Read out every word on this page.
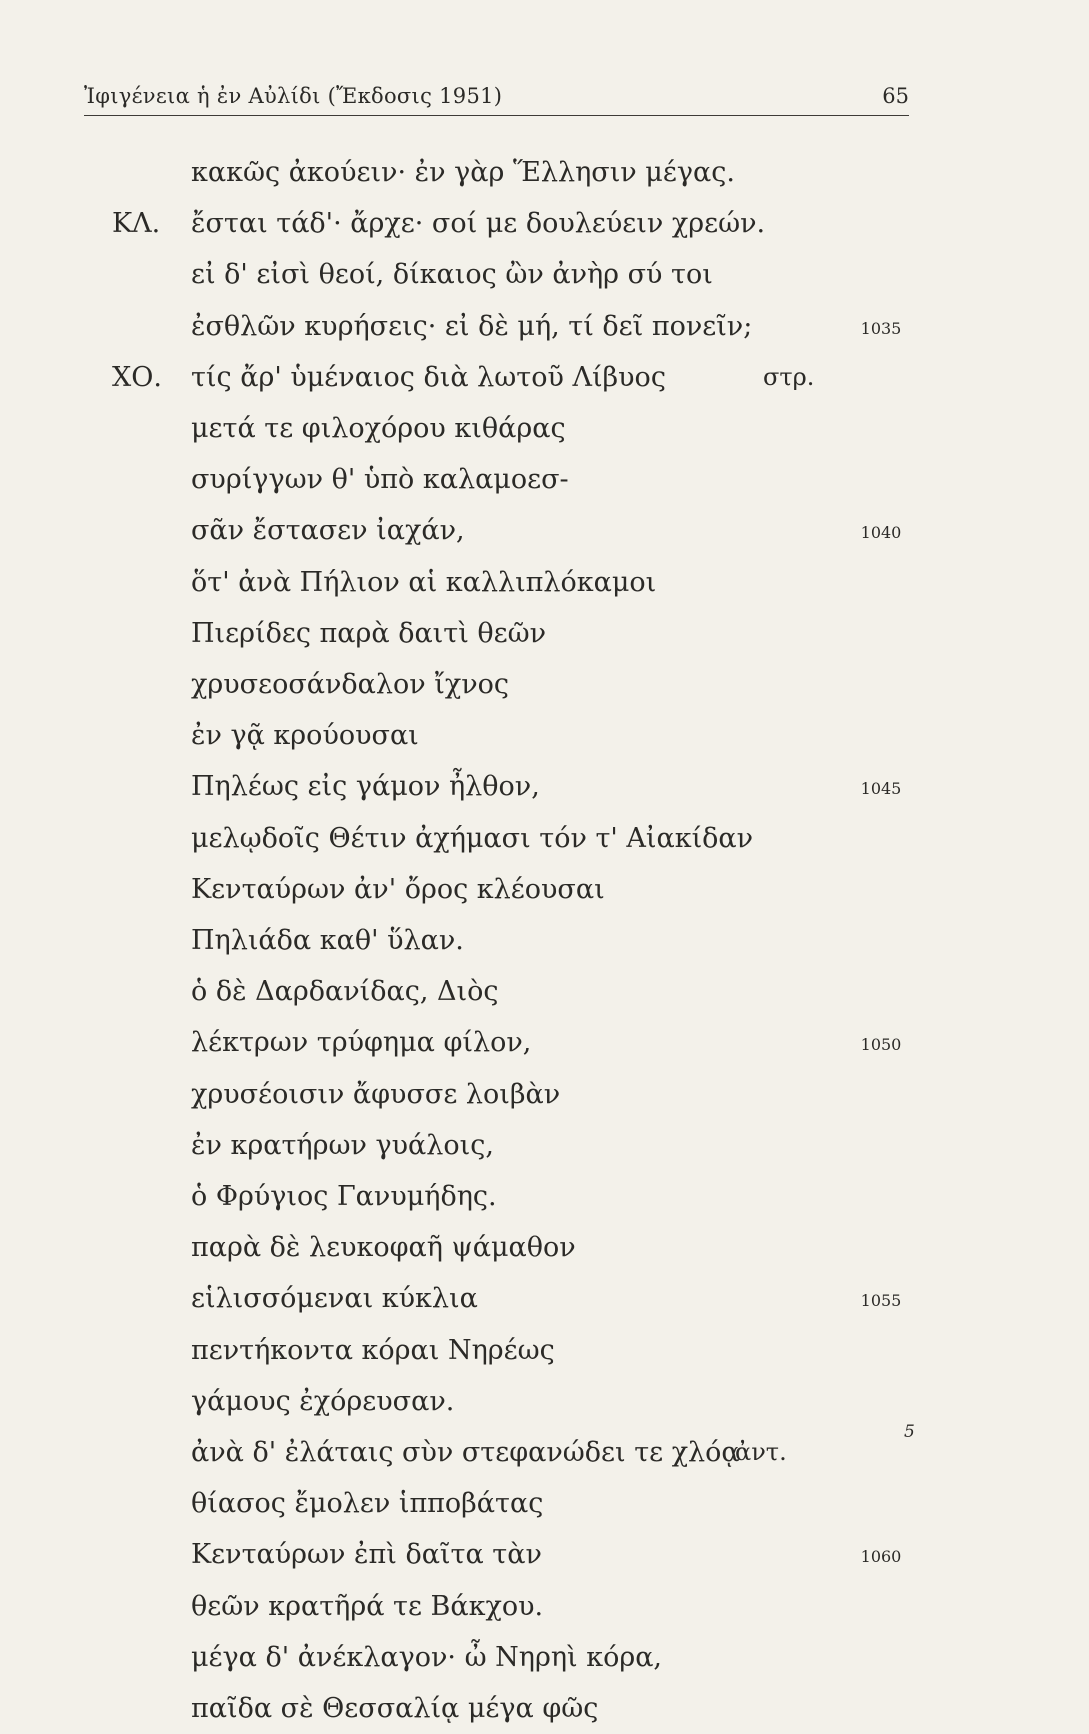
Ἰφιγένεια ἡ ἐν Αὐλίδι (Ἔκδοσις 1951)	65
κακῶς ἀκούειν· ἐν γὰρ Ἕλλησιν μέγας.
ΚΛ. ἔσται τάδ'· ἄρχε· σοί με δουλεύειν χρεών.
εἰ δ' εἰσὶ θεοί, δίκαιος ὢν ἀνὴρ σύ τοι
ἐσθλῶν κυρήσεις· εἰ δὲ μή, τί δεῖ πονεῖν;	1035
ΧΟ. τίς ἄρ' ὑμέναιος διὰ λωτοῦ Λίβυος	στρ.
μετά τε φιλοχόρου κιθάρας
συρίγγων θ' ὑπὸ καλαμοεσ-
σᾶν ἔστασεν ἰαχάν,	1040
ὅτ' ἀνὰ Πήλιον αἱ καλλιπλόκαμοι
Πιερίδες παρὰ δαιτὶ θεῶν
χρυσεοσάνδαλον ἴχνος
ἐν γᾷ κρούουσαι
Πηλέως εἰς γάμον ἦλθον,	1045
μελῳδοῖς Θέτιν ἀχήμασι τόν τ' Αἰακίδαν
Κενταύρων ἀν' ὄρος κλέουσαι
Πηλιάδα καθ' ὕλαν.
ὁ δὲ Δαρδανίδας, Διὸς
λέκτρων τρύφημα φίλον,	1050
χρυσέοισιν ἄφυσσε λοιβὰν
ἐν κρατήρων γυάλοις,
ὁ Φρύγιος Γανυμήδης.
παρὰ δὲ λευκοφαῆ ψάμαθον
εἱλισσόμεναι κύκλια	1055
πεντήκοντα κόραι Νηρέως
γάμους ἐχόρευσαν.
ἀνὰ δ' ἐλάταις σὺν στεφανώδει τε χλόᾳ
ἀντ.
θίασος ἔμολεν ἱπποβάτας
Κενταύρων ἐπὶ δαῖτα τὰν	1060
θεῶν κρατῆρά τε Βάκχου.
μέγα δ' ἀνέκλαγον· ὦ Νηρηὶ κόρα,
παῖδα σὲ Θεσσαλίᾳ μέγα φῶς
5
